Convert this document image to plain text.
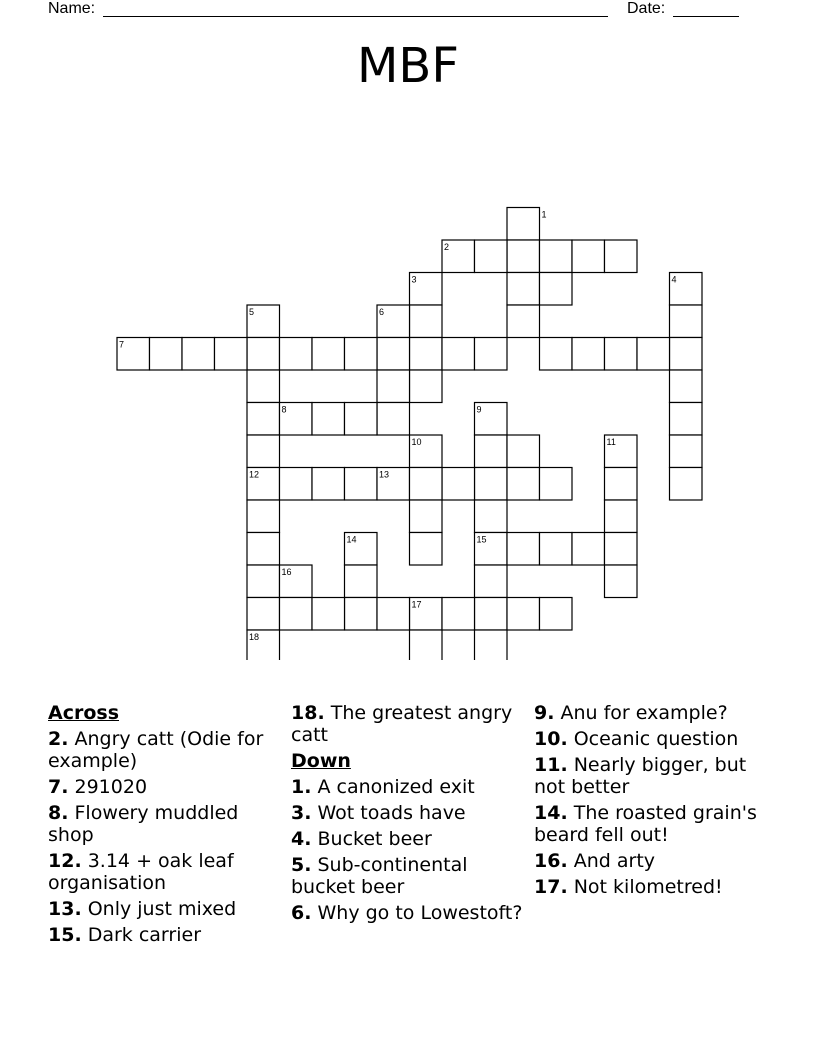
Name:	Date:
MBF
1
2
3	4
5	6
7
8	9
10	11
12	13
14	15
16
17
18
Across
2. Angry catt (Odie for example)
7. 291020
8. Flowery muddled shop
12. 3.14 + oak leaf organisation
13. Only just mixed
15. Dark carrier
18. The greatest angry catt
Down
1. A canonized exit
3. Wot toads have
4. Bucket beer
5. Sub-continental bucket beer
6. Why go to Lowestoft?
9. Anu for example?
10. Oceanic question
11. Nearly bigger, but not better
14. The roasted grain's beard fell out!
16. And arty
17. Not kilometred!
